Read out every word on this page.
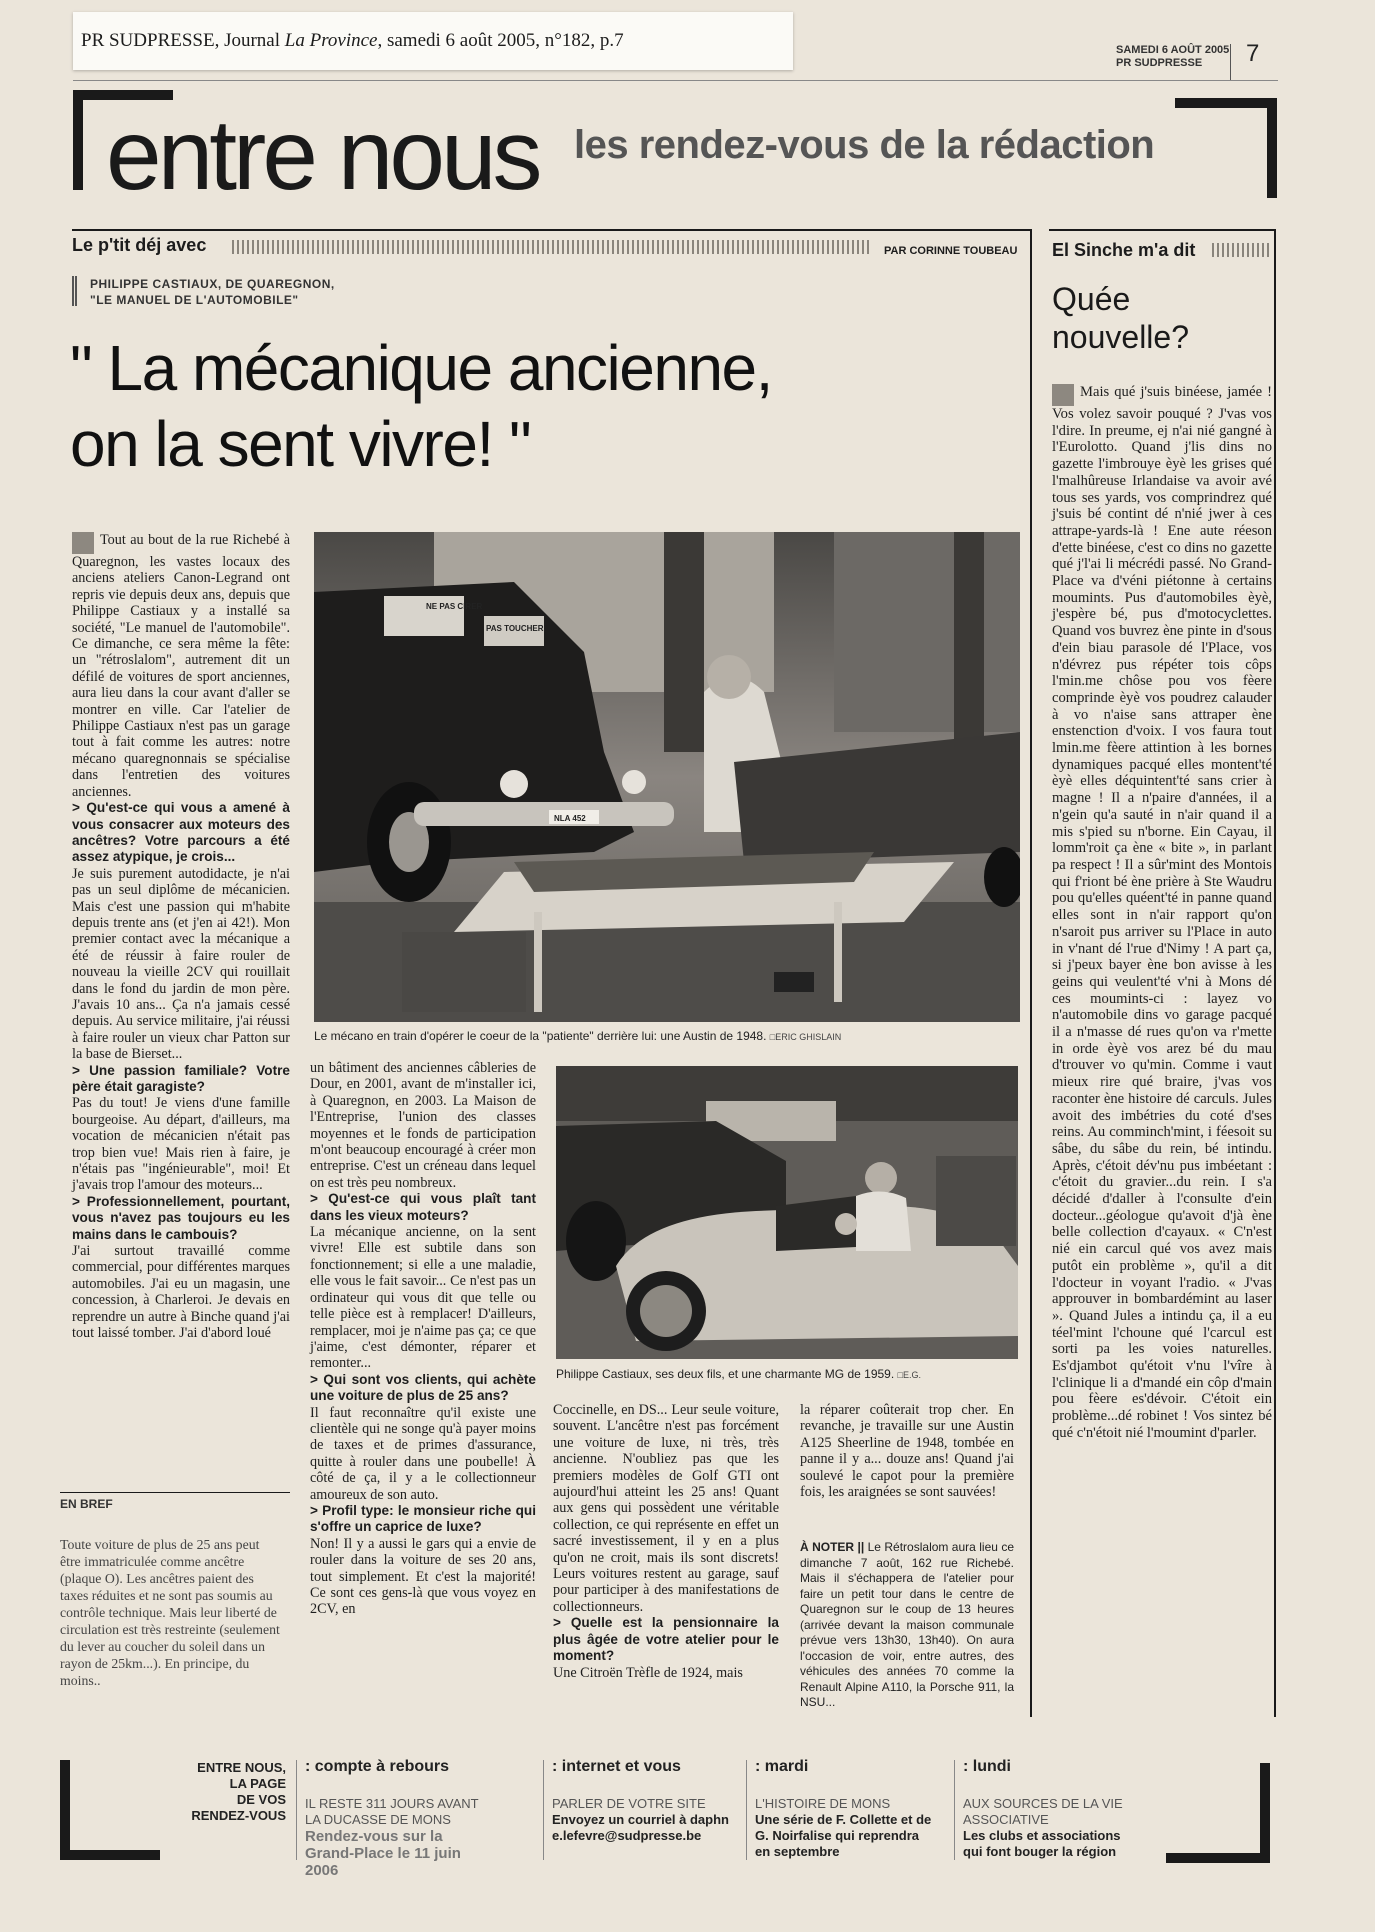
PR SUDPRESSE, Journal La Province, samedi 6 août 2005, n°182, p.7	SAMEDI 6 AOÛT 2005
PR SUDPRESSE	7
entre nous les rendez-vous de la rédaction
Le p'tit déj avec	PAR CORINNE TOUBEAU
PHILIPPE CASTIAUX, DE QUAREGNON,
"LE MANUEL DE L'AUTOMOBILE"
" La mécanique ancienne,
on la sent vivre! "

Tout au bout de la rue Richebé à Quaregnon, les vastes locaux des anciens ateliers Canon-Legrand ont repris vie depuis deux ans, depuis que Philippe Castiaux y a installé sa société, "Le manuel de l'automobile". Ce dimanche, ce sera même la fête: un "rétroslalom", autrement dit un défilé de voitures de sport anciennes, aura lieu dans la cour avant d'aller se montrer en ville. Car l'atelier de Philippe Castiaux n'est pas un garage tout à fait comme les autres: notre mécano quaregnonnais se spécialise dans l'entretien des voitures anciennes.

> Qu'est-ce qui vous a amené à vous consacrer aux moteurs des ancêtres? Votre parcours a été assez atypique, je crois...

Je suis purement autodidacte, je n'ai pas un seul diplôme de mécanicien. Mais c'est une passion qui m'habite depuis trente ans (et j'en ai 42!). Mon premier contact avec la mécanique a été de réussir à faire rouler de nouveau la vieille 2CV qui rouillait dans le fond du jardin de mon père. J'avais 10 ans... Ça n'a jamais cessé depuis. Au service militaire, j'ai réussi à faire rouler un vieux char Patton sur la base de Bierset...

> Une passion familiale? Votre père était garagiste?

Pas du tout! Je viens d'une famille bourgeoise. Au départ, d'ailleurs, ma vocation de mécanicien n'était pas trop bien vue! Mais rien à faire, je n'étais pas "ingénieurable", moi! Et j'avais trop l'amour des moteurs...

> Professionnellement, pourtant, vous n'avez pas toujours eu les mains dans le cambouis?

J'ai surtout travaillé comme commercial, pour différentes marques automobiles. J'ai eu un magasin, une concession, à Charleroi. Je devais en reprendre un autre à Binche quand j'ai tout laissé tomber. J'ai d'abord loué

NE PAS CIRER
PAS TOUCHER
NLA 452
Le mécano en train d'opérer le coeur de la "patiente" derrière lui: une Austin de 1948. □ERIC GHISLAIN

un bâtiment des anciennes câbleries de Dour, en 2001, avant de m'installer ici, à Quaregnon, en 2003. La Maison de l'Entreprise, l'union des classes moyennes et le fonds de participation m'ont beaucoup encouragé à créer mon entreprise. C'est un créneau dans lequel on est très peu nombreux.

> Qu'est-ce qui vous plaît tant dans les vieux moteurs?

La mécanique ancienne, on la sent vivre! Elle est subtile dans son fonctionnement; si elle a une maladie, elle vous le fait savoir... Ce n'est pas un ordinateur qui vous dit que telle ou telle pièce est à remplacer! D'ailleurs, remplacer, moi je n'aime pas ça; ce que j'aime, c'est démonter, réparer et remonter...

> Qui sont vos clients, qui achète une voiture de plus de 25 ans?

Il faut reconnaître qu'il existe une clientèle qui ne songe qu'à payer moins de taxes et de primes d'assurance, quitte à rouler dans une poubelle! À côté de ça, il y a le collectionneur amoureux de son auto.

> Profil type: le monsieur riche qui s'offre un caprice de luxe?

Non! Il y a aussi le gars qui a envie de rouler dans la voiture de ses 20 ans, tout simplement. Et c'est la majorité! Ce sont ces gens-là que vous voyez en 2CV, en

Philippe Castiaux, ses deux fils, et une charmante MG de 1959. □E.G.

Coccinelle, en DS... Leur seule voiture, souvent. L'ancêtre n'est pas forcément une voiture de luxe, ni très, très ancienne. N'oubliez pas que les premiers modèles de Golf GTI ont aujourd'hui atteint les 25 ans! Quant aux gens qui possèdent une véritable collection, ce qui représente en effet un sacré investissement, il y en a plus qu'on ne croit, mais ils sont discrets! Leurs voitures restent au garage, sauf pour participer à des manifestations de collectionneurs.

> Quelle est la pensionnaire la plus âgée de votre atelier pour le moment?

Une Citroën Trèfle de 1924, mais

la réparer coûterait trop cher. En revanche, je travaille sur une Austin A125 Sheerline de 1948, tombée en panne il y a... douze ans! Quand j'ai soulevé le capot pour la première fois, les araignées se sont sauvées!

À NOTER || Le Rétroslalom aura lieu ce dimanche 7 août, 162 rue Richebé. Mais il s'échappera de l'atelier pour faire un petit tour dans le centre de Quaregnon sur le coup de 13 heures (arrivée devant la maison communale prévue vers 13h30, 13h40). On aura l'occasion de voir, entre autres, des véhicules des années 70 comme la Renault Alpine A110, la Porsche 911, la NSU...
EN BREF
Toute voiture de plus de 25 ans peut être immatriculée comme ancêtre (plaque O). Les ancêtres paient des taxes réduites et ne sont pas soumis au contrôle technique. Mais leur liberté de circulation est très restreinte (seulement du lever au coucher du soleil dans un rayon de 25km...). En principe, du moins..
El Sinche m'a dit
Quée
nouvelle?
Mais qué j'suis binéese, jamée ! Vos volez savoir pouqué ? J'vas vos l'dire. In preume, ej n'ai nié gangné à l'Eurolotto. Quand j'lis dins no gazette l'imbrouye èyè les grises qué l'malhûreuse Irlandaise va avoir avé tous ses yards, vos comprindrez qué j'suis bé contint dé n'nié jwer à ces attrape-yards-là ! Ene aute réeson d'ette binéese, c'est co dins no gazette qué j'l'ai li mécrédi passé. No Grand-Place va d'véni piétonne à certains moumints. Pus d'automobiles èyè, j'espère bé, pus d'motocyclettes. Quand vos buvrez ène pinte in d'sous d'ein biau parasole dé l'Place, vos n'dévrez pus répéter tois côps l'min.me chôse pou vos fèere comprinde èyè vos poudrez calauder à vo n'aise sans attraper ène enstenction d'voix. I vos faura tout lmin.me fèere attintion à les bornes dynamiques pacqué elles montent'té èyè elles déquintent'té sans crier à magne ! Il a n'paire d'années, il a n'gein qu'a sauté in n'air quand il a mis s'pied su n'borne. Ein Cayau, il lomm'roit ça ène « bite », in parlant pa respect ! Il a sûr'mint des Montois qui f'riont bé ène prière à Ste Waudru pou qu'elles quéent'té in panne quand elles sont in n'air rapport qu'on n'saroit pus arriver su l'Place in auto in v'nant dé l'rue d'Nimy ! A part ça, si j'peux bayer ène bon avisse à les geins qui veulent'té v'ni à Mons dé ces moumints-ci : layez vo n'automobile dins vo garage pacqué il a n'masse dé rues qu'on va r'mette in orde èyè vos arez bé du mau d'trouver vo qu'min. Comme i vaut mieux rire qué braire, j'vas vos raconter ène histoire dé carculs. Jules avoit des imbétries du coté d'ses reins. Au comminch'mint, i féesoit su sâbe, du sâbe du rein, bé intindu. Après, c'étoit dév'nu pus imbéetant : c'étoit du gravier...du rein. I s'a décidé d'daller à l'consulte d'ein docteur...géologue qu'avoit d'jà ène belle collection d'cayaux. « C'n'est nié ein carcul qué vos avez mais putôt ein problème », qu'il a dit l'docteur in voyant l'radio. « J'vas approuver in bombardémint au laser ». Quand Jules a intindu ça, il a eu téel'mint l'choune qué l'carcul est sorti pa les voies naturelles. Es'djambot qu'étoit v'nu l'vîre à l'clinique li a d'mandé ein côp d'main pou fèere es'dévoir. C'étoit ein problème...dé robinet ! Vos sintez bé qué c'n'étoit nié l'moumint d'parler.
ENTRE NOUS,
LA PAGE
DE VOS
RENDEZ-VOUS
: compte à rebours
IL RESTE 311 JOURS AVANT LA DUCASSE DE MONS
Rendez-vous sur la Grand-Place le 11 juin 2006
: internet et vous
PARLER DE VOTRE SITE
Envoyez un courriel à daphne.lefevre@sudpresse.be
: mardi
L'HISTOIRE DE MONS
Une série de F. Collette et de G. Noirfalise qui reprendra en septembre
: lundi
AUX SOURCES DE LA VIE ASSOCIATIVE
Les clubs et associations qui font bouger la région
